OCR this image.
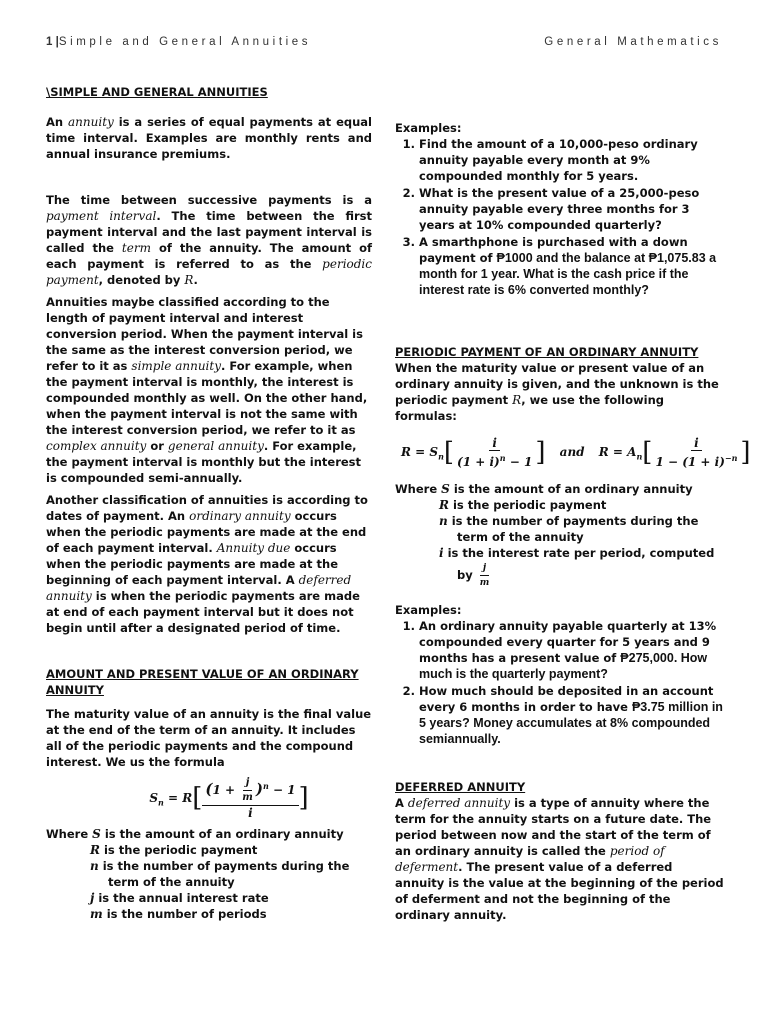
1 |Simple and General Annuities	General Mathematics

\SIMPLE AND GENERAL ANNUITIES

An annuity is a series of equal payments at equal time interval. Examples are monthly rents and annual insurance premiums.

The time between successive payments is a payment interval. The time between the first payment interval and the last payment interval is called the term of the annuity. The amount of each payment is referred to as the periodic payment, denoted by R.

Annuities maybe classified according to the length of payment interval and interest conversion period. When the payment interval is the same as the interest conversion period, we refer to it as simple annuity. For example, when the payment interval is monthly, the interest is compounded monthly as well. On the other hand, when the payment interval is not the same with the interest conversion period, we refer to it as complex annuity or general annuity. For example, the payment interval is monthly but the interest is compounded semi-annually.

Another classification of annuities is according to dates of payment. An ordinary annuity occurs when the periodic payments are made at the end of each payment interval. Annuity due occurs when the periodic payments are made at the beginning of each payment interval. A deferred annuity is when the periodic payments are made at end of each payment interval but it does not begin until after a designated period of time.

AMOUNT AND PRESENT VALUE OF AN ORDINARY ANNUITY

The maturity value of an annuity is the final value at the end of the term of an annuity. It includes all of the periodic payments and the compound interest. We us the formula

$S_n = R[ \frac{(1 + \frac{j}{m} )^n - 1}{i}$ ]

Where S is the amount of an ordinary annuity

R is the periodic payment

n is the number of payments during the

term of the annuity

j is the annual interest rate

m is the number of periods

Examples:

1. Find the amount of a 10,000-peso ordinary annuity payable every month at 9% compounded monthly for 5 years.
2. What is the present value of a 25,000-peso annuity payable every three months for 3 years at 10% compounded quarterly?
3. A smarthphone is purchased with a down payment of ₱1000 and the balance at ₱1,075.83 a month for 1 year. What is the cash price if the interest rate is 6% converted monthly?

PERIODIC PAYMENT OF AN ORDINARY ANNUITY

When the maturity value or present value of an ordinary annuity is given, and the unknown is the periodic payment R, we use the following formulas:

$R = S_n[ \frac{i}{(1 + i)^n - 1}$ ] and $R = A_n[ \frac{i}{1 - (1 + i)^{-n}}$ ]

Where S is the amount of an ordinary annuity

R is the periodic payment

n is the number of payments during the

term of the annuity

i is the interest rate per period, computed

by $\frac{j}{m}$

Examples:

1. An ordinary annuity payable quarterly at 13% compounded every quarter for 5 years and 9 months has a present value of ₱275,000. How much is the quarterly payment?
2. How much should be deposited in an account every 6 months in order to have ₱3.75 million in 5 years? Money accumulates at 8% compounded semiannually.

DEFERRED ANNUITY

A deferred annuity is a type of annuity where the term for the annuity starts on a future date. The period between now and the start of the term of an ordinary annuity is called the period of deferment. The present value of a deferred annuity is the value at the beginning of the period of deferment and not the beginning of the ordinary annuity.
